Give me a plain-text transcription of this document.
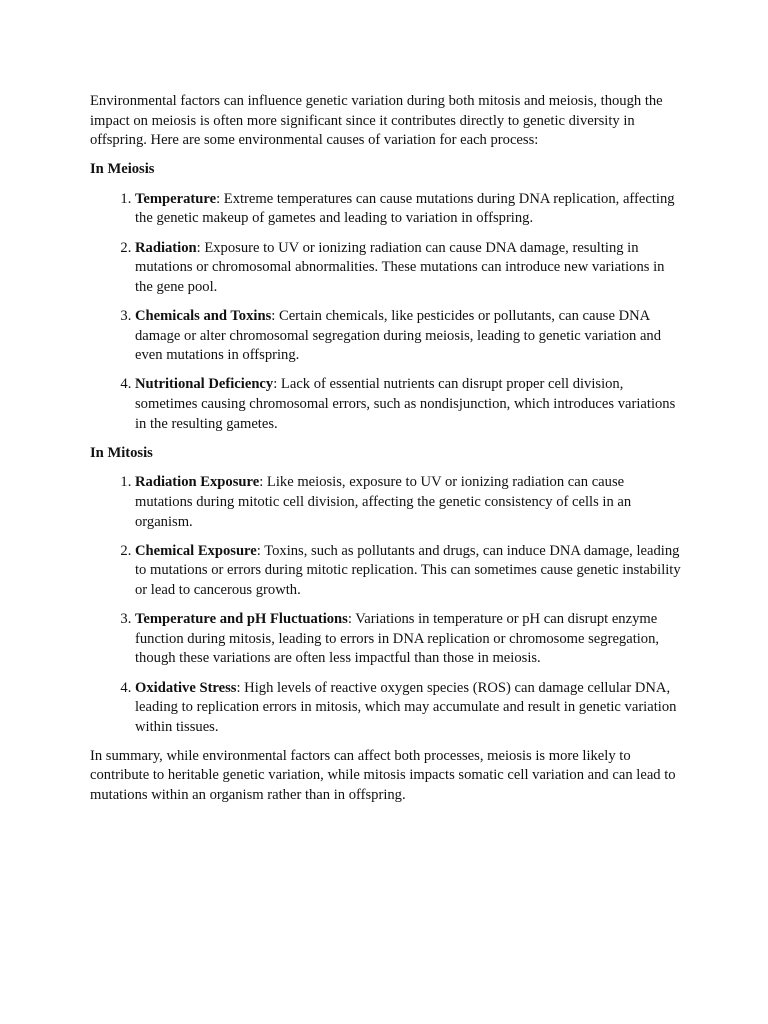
Environmental factors can influence genetic variation during both mitosis and meiosis, though the impact on meiosis is often more significant since it contributes directly to genetic diversity in offspring. Here are some environmental causes of variation for each process:

In Meiosis
1. Temperature: Extreme temperatures can cause mutations during DNA replication, affecting the genetic makeup of gametes and leading to variation in offspring.
2. Radiation: Exposure to UV or ionizing radiation can cause DNA damage, resulting in mutations or chromosomal abnormalities. These mutations can introduce new variations in the gene pool.
3. Chemicals and Toxins: Certain chemicals, like pesticides or pollutants, can cause DNA damage or alter chromosomal segregation during meiosis, leading to genetic variation and even mutations in offspring.
4. Nutritional Deficiency: Lack of essential nutrients can disrupt proper cell division, sometimes causing chromosomal errors, such as nondisjunction, which introduces variations in the resulting gametes.
In Mitosis
1. Radiation Exposure: Like meiosis, exposure to UV or ionizing radiation can cause mutations during mitotic cell division, affecting the genetic consistency of cells in an organism.
2. Chemical Exposure: Toxins, such as pollutants and drugs, can induce DNA damage, leading to mutations or errors during mitotic replication. This can sometimes cause genetic instability or lead to cancerous growth.
3. Temperature and pH Fluctuations: Variations in temperature or pH can disrupt enzyme function during mitosis, leading to errors in DNA replication or chromosome segregation, though these variations are often less impactful than those in meiosis.
4. Oxidative Stress: High levels of reactive oxygen species (ROS) can damage cellular DNA, leading to replication errors in mitosis, which may accumulate and result in genetic variation within tissues.

In summary, while environmental factors can affect both processes, meiosis is more likely to contribute to heritable genetic variation, while mitosis impacts somatic cell variation and can lead to mutations within an organism rather than in offspring.
